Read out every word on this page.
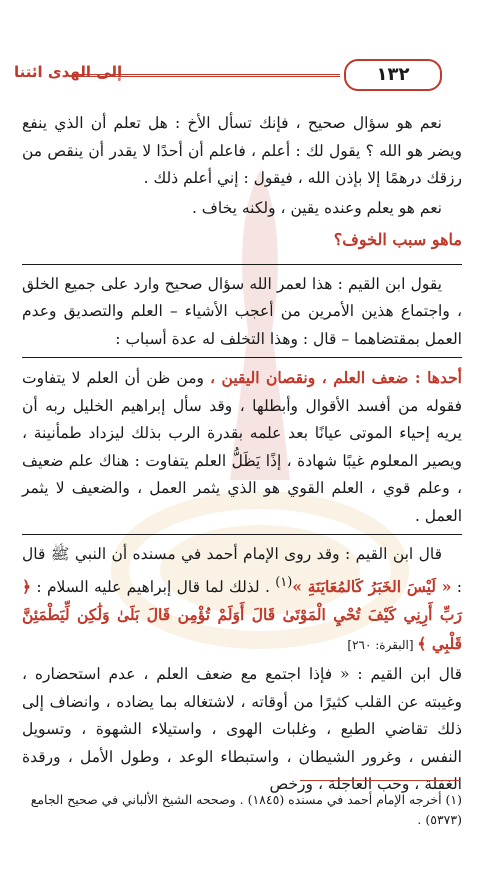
إلى الهدى ائتنا	١٣٢

نعم هو سؤال صحيح ، فإنك تسأل الأخ : هل تعلم أن الذي ينفع ويضر هو الله ؟ يقول لك : أعلم ، فاعلم أن أحدًا لا يقدر أن ينقص من رزقك درهمًا إلا بإذن الله ، فيقول : إني أعلم ذلك .

نعم هو يعلم وعنده يقين ، ولكنه يخاف .

ماهو سبب الخوف؟

يقول ابن القيم : هذا لعمر الله سؤال صحيح وارد على جميع الخلق ، واجتماع هذين الأمرين من أعجب الأشياء – العلم والتصديق وعدم العمل بمقتضاهما – قال : وهذا التخلف له عدة أسباب :

أحدها : ضعف العلم ، ونقصان اليقين ، ومن ظن أن العلم لا يتفاوت فقوله من أفسد الأقوال وأبطلها ، وقد سأل إبراهيم الخليل ربه أن يريه إحياء الموتى عيانًا بعد علمه بقدرة الرب بذلك ليزداد طمأنينة ، ويصير المعلوم غيبًا شهادة ، إذًا يَظَلُّ العلم يتفاوت : هناك علم ضعيف ، وعلم قوي ، العلم القوي هو الذي يثمر العمل ، والضعيف لا يثمر العمل .

قال ابن القيم : وقد روى الإمام أحمد في مسنده أن النبي ﷺ قال : « لَيْسَ الخَبَرُ كَالمُعَايَنَةِ »$^{(١)}$ . لذلك لما قال إبراهيم عليه السلام : ﴿ رَبِّ أَرِنِي كَيْفَ تُحْيِ الْمَوْتَىٰ قَالَ أَوَلَمْ تُؤْمِن قَالَ بَلَىٰ وَلَٰكِن لِّيَطْمَئِنَّ قَلْبِي ﴾ [البقرة: ٢٦٠]

قال ابن القيم : « فإذا اجتمع مع ضعف العلم ، عدم استحضاره ، وغيبته عن القلب كثيرًا من أوقاته ، لاشتغاله بما يضاده ، وانضاف إلى ذلك تقاضي الطبع ، وغلبات الهوى ، واستيلاء الشهوة ، وتسويل النفس ، وغرور الشيطان ، واستبطاء الوعد ، وطول الأمل ، ورقدة الغفلة ، وحب العاجلة ، ورخص

(١) أخرجه الإمام أحمد في مسنده (١٨٤٥) . وصححه الشيخ الألباني في صحيح الجامع (٥٣٧٣) .
